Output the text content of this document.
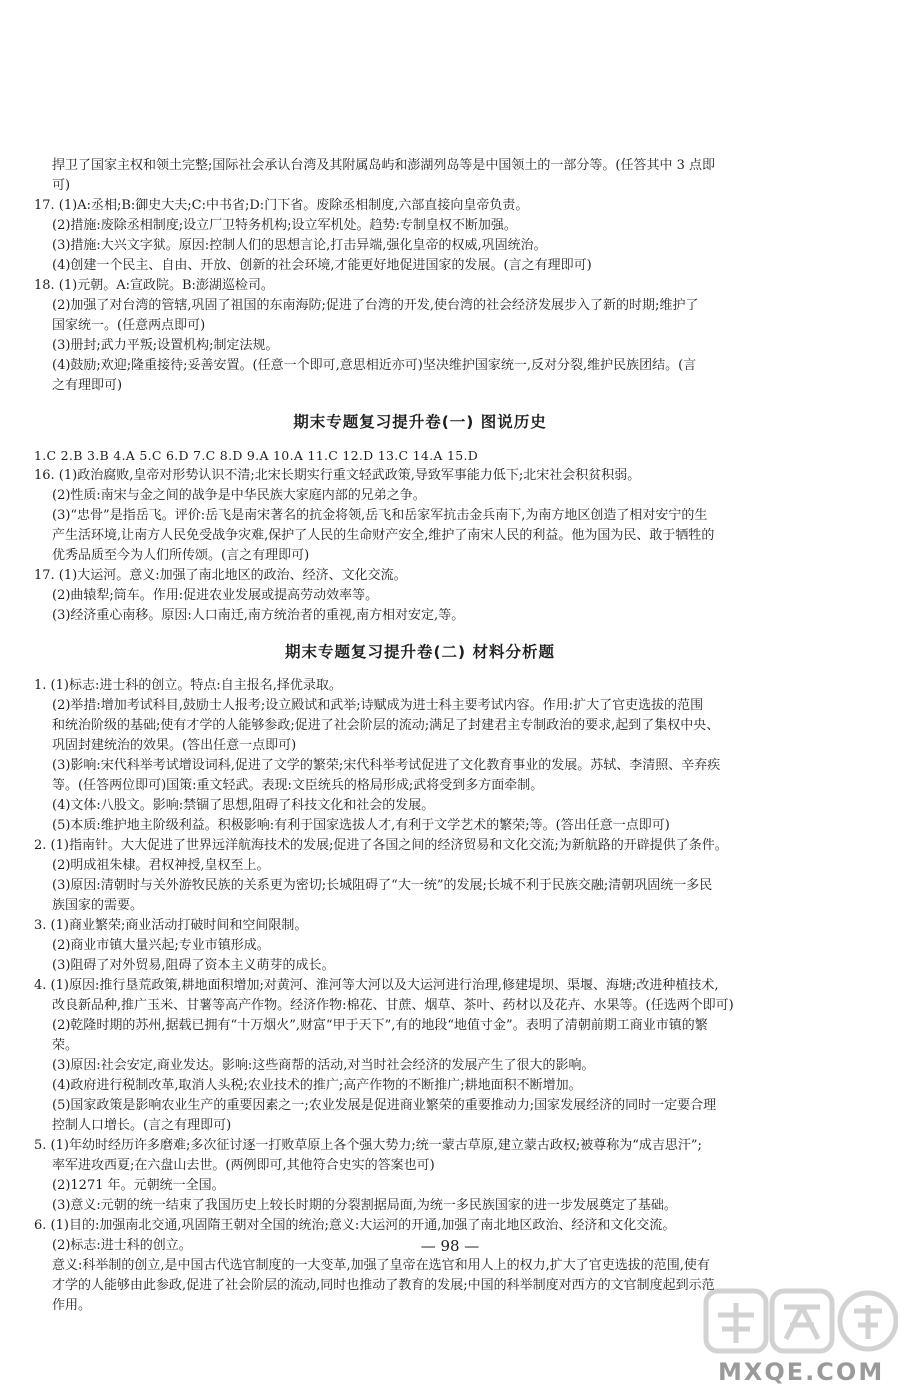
捍卫了国家主权和领土完整;国际社会承认台湾及其附属岛屿和澎湖列岛等是中国领土的一部分等。(任答其中 3 点即
可)
17. (1)A:丞相;B:御史大夫;C:中书省;D:门下省。废除丞相制度,六部直接向皇帝负责。
(2)措施:废除丞相制度;设立厂卫特务机构;设立军机处。趋势:专制皇权不断加强。
(3)措施:大兴文字狱。原因:控制人们的思想言论,打击异端,强化皇帝的权威,巩固统治。
(4)创建一个民主、自由、开放、创新的社会环境,才能更好地促进国家的发展。(言之有理即可)
18. (1)元朝。A:宣政院。B:澎湖巡检司。
(2)加强了对台湾的管辖,巩固了祖国的东南海防;促进了台湾的开发,使台湾的社会经济发展步入了新的时期;维护了
国家统一。(任意两点即可)
(3)册封;武力平叛;设置机构;制定法规。
(4)鼓励;欢迎;隆重接待;妥善安置。(任意一个即可,意思相近亦可)坚决维护国家统一,反对分裂,维护民族团结。(言
之有理即可)
期末专题复习提升卷(一) 图说历史
1.C 2.B 3.B 4.A 5.C 6.D 7.C 8.D 9.A 10.A 11.C 12.D 13.C 14.A 15.D
16. (1)政治腐败,皇帝对形势认识不清;北宋长期实行重文轻武政策,导致军事能力低下;北宋社会积贫积弱。
(2)性质:南宋与金之间的战争是中华民族大家庭内部的兄弟之争。
(3)“忠骨”是指岳飞。评价:岳飞是南宋著名的抗金将领,岳飞和岳家军抗击金兵南下,为南方地区创造了相对安宁的生
产生活环境,让南方人民免受战争灾难,保护了人民的生命财产安全,维护了南宋人民的利益。他为国为民、敢于牺牲的
优秀品质至今为人们所传颂。(言之有理即可)
17. (1)大运河。意义:加强了南北地区的政治、经济、文化交流。
(2)曲辕犁;筒车。作用:促进农业发展或提高劳动效率等。
(3)经济重心南移。原因:人口南迁,南方统治者的重视,南方相对安定,等。
期末专题复习提升卷(二) 材料分析题
1. (1)标志:进士科的创立。特点:自主报名,择优录取。
(2)举措:增加考试科目,鼓励士人报考;设立殿试和武举;诗赋成为进士科主要考试内容。作用:扩大了官吏选拔的范围
和统治阶级的基础;使有才学的人能够参政;促进了社会阶层的流动;满足了封建君主专制政治的要求,起到了集权中央、
巩固封建统治的效果。(答出任意一点即可)
(3)影响:宋代科举考试增设词科,促进了文学的繁荣;宋代科举考试促进了文化教育事业的发展。苏轼、李清照、辛弃疾
等。(任答两位即可)国策:重文轻武。表现:文臣统兵的格局形成;武将受到多方面牵制。
(4)文体:八股文。影响:禁锢了思想,阻碍了科技文化和社会的发展。
(5)本质:维护地主阶级利益。积极影响:有利于国家选拔人才,有利于文学艺术的繁荣;等。(答出任意一点即可)
2. (1)指南针。大大促进了世界远洋航海技术的发展;促进了各国之间的经济贸易和文化交流;为新航路的开辟提供了条件。
(2)明成祖朱棣。君权神授,皇权至上。
(3)原因:清朝时与关外游牧民族的关系更为密切;长城阻碍了“大一统”的发展;长城不利于民族交融;清朝巩固统一多民
族国家的需要。
3. (1)商业繁荣;商业活动打破时间和空间限制。
(2)商业市镇大量兴起;专业市镇形成。
(3)阻碍了对外贸易,阻碍了资本主义萌芽的成长。
4. (1)原因:推行垦荒政策,耕地面积增加;对黄河、淮河等大河以及大运河进行治理,修建堤坝、渠堰、海塘;改进种植技术,
改良新品种,推广玉米、甘薯等高产作物。经济作物:棉花、甘蔗、烟草、茶叶、药材以及花卉、水果等。(任选两个即可)
(2)乾隆时期的苏州,据载已拥有“十万烟火”,财富“甲于天下”,有的地段“地值寸金”。表明了清朝前期工商业市镇的繁
荣。
(3)原因:社会安定,商业发达。影响:这些商帮的活动,对当时社会经济的发展产生了很大的影响。
(4)政府进行税制改革,取消人头税;农业技术的推广;高产作物的不断推广;耕地面积不断增加。
(5)国家政策是影响农业生产的重要因素之一;农业发展是促进商业繁荣的重要推动力;国家发展经济的同时一定要合理
控制人口增长。(言之有理即可)
5. (1)年幼时经历许多磨难;多次征讨逐一打败草原上各个强大势力;统一蒙古草原,建立蒙古政权;被尊称为“成吉思汗”;
率军进攻西夏;在六盘山去世。(两例即可,其他符合史实的答案也可)
(2)1271 年。元朝统一全国。
(3)意义:元朝的统一结束了我国历史上较长时期的分裂割据局面,为统一多民族国家的进一步发展奠定了基础。
6. (1)目的:加强南北交通,巩固隋王朝对全国的统治;意义:大运河的开通,加强了南北地区政治、经济和文化交流。
(2)标志:进士科的创立。
意义:科举制的创立,是中国古代选官制度的一大变革,加强了皇帝在选官和用人上的权力,扩大了官吏选拔的范围,使有
才学的人能够由此参政,促进了社会阶层的流动,同时也推动了教育的发展;中国的科举制度对西方的文官制度起到示范
作用。
— 98 —
MXQE.COM
